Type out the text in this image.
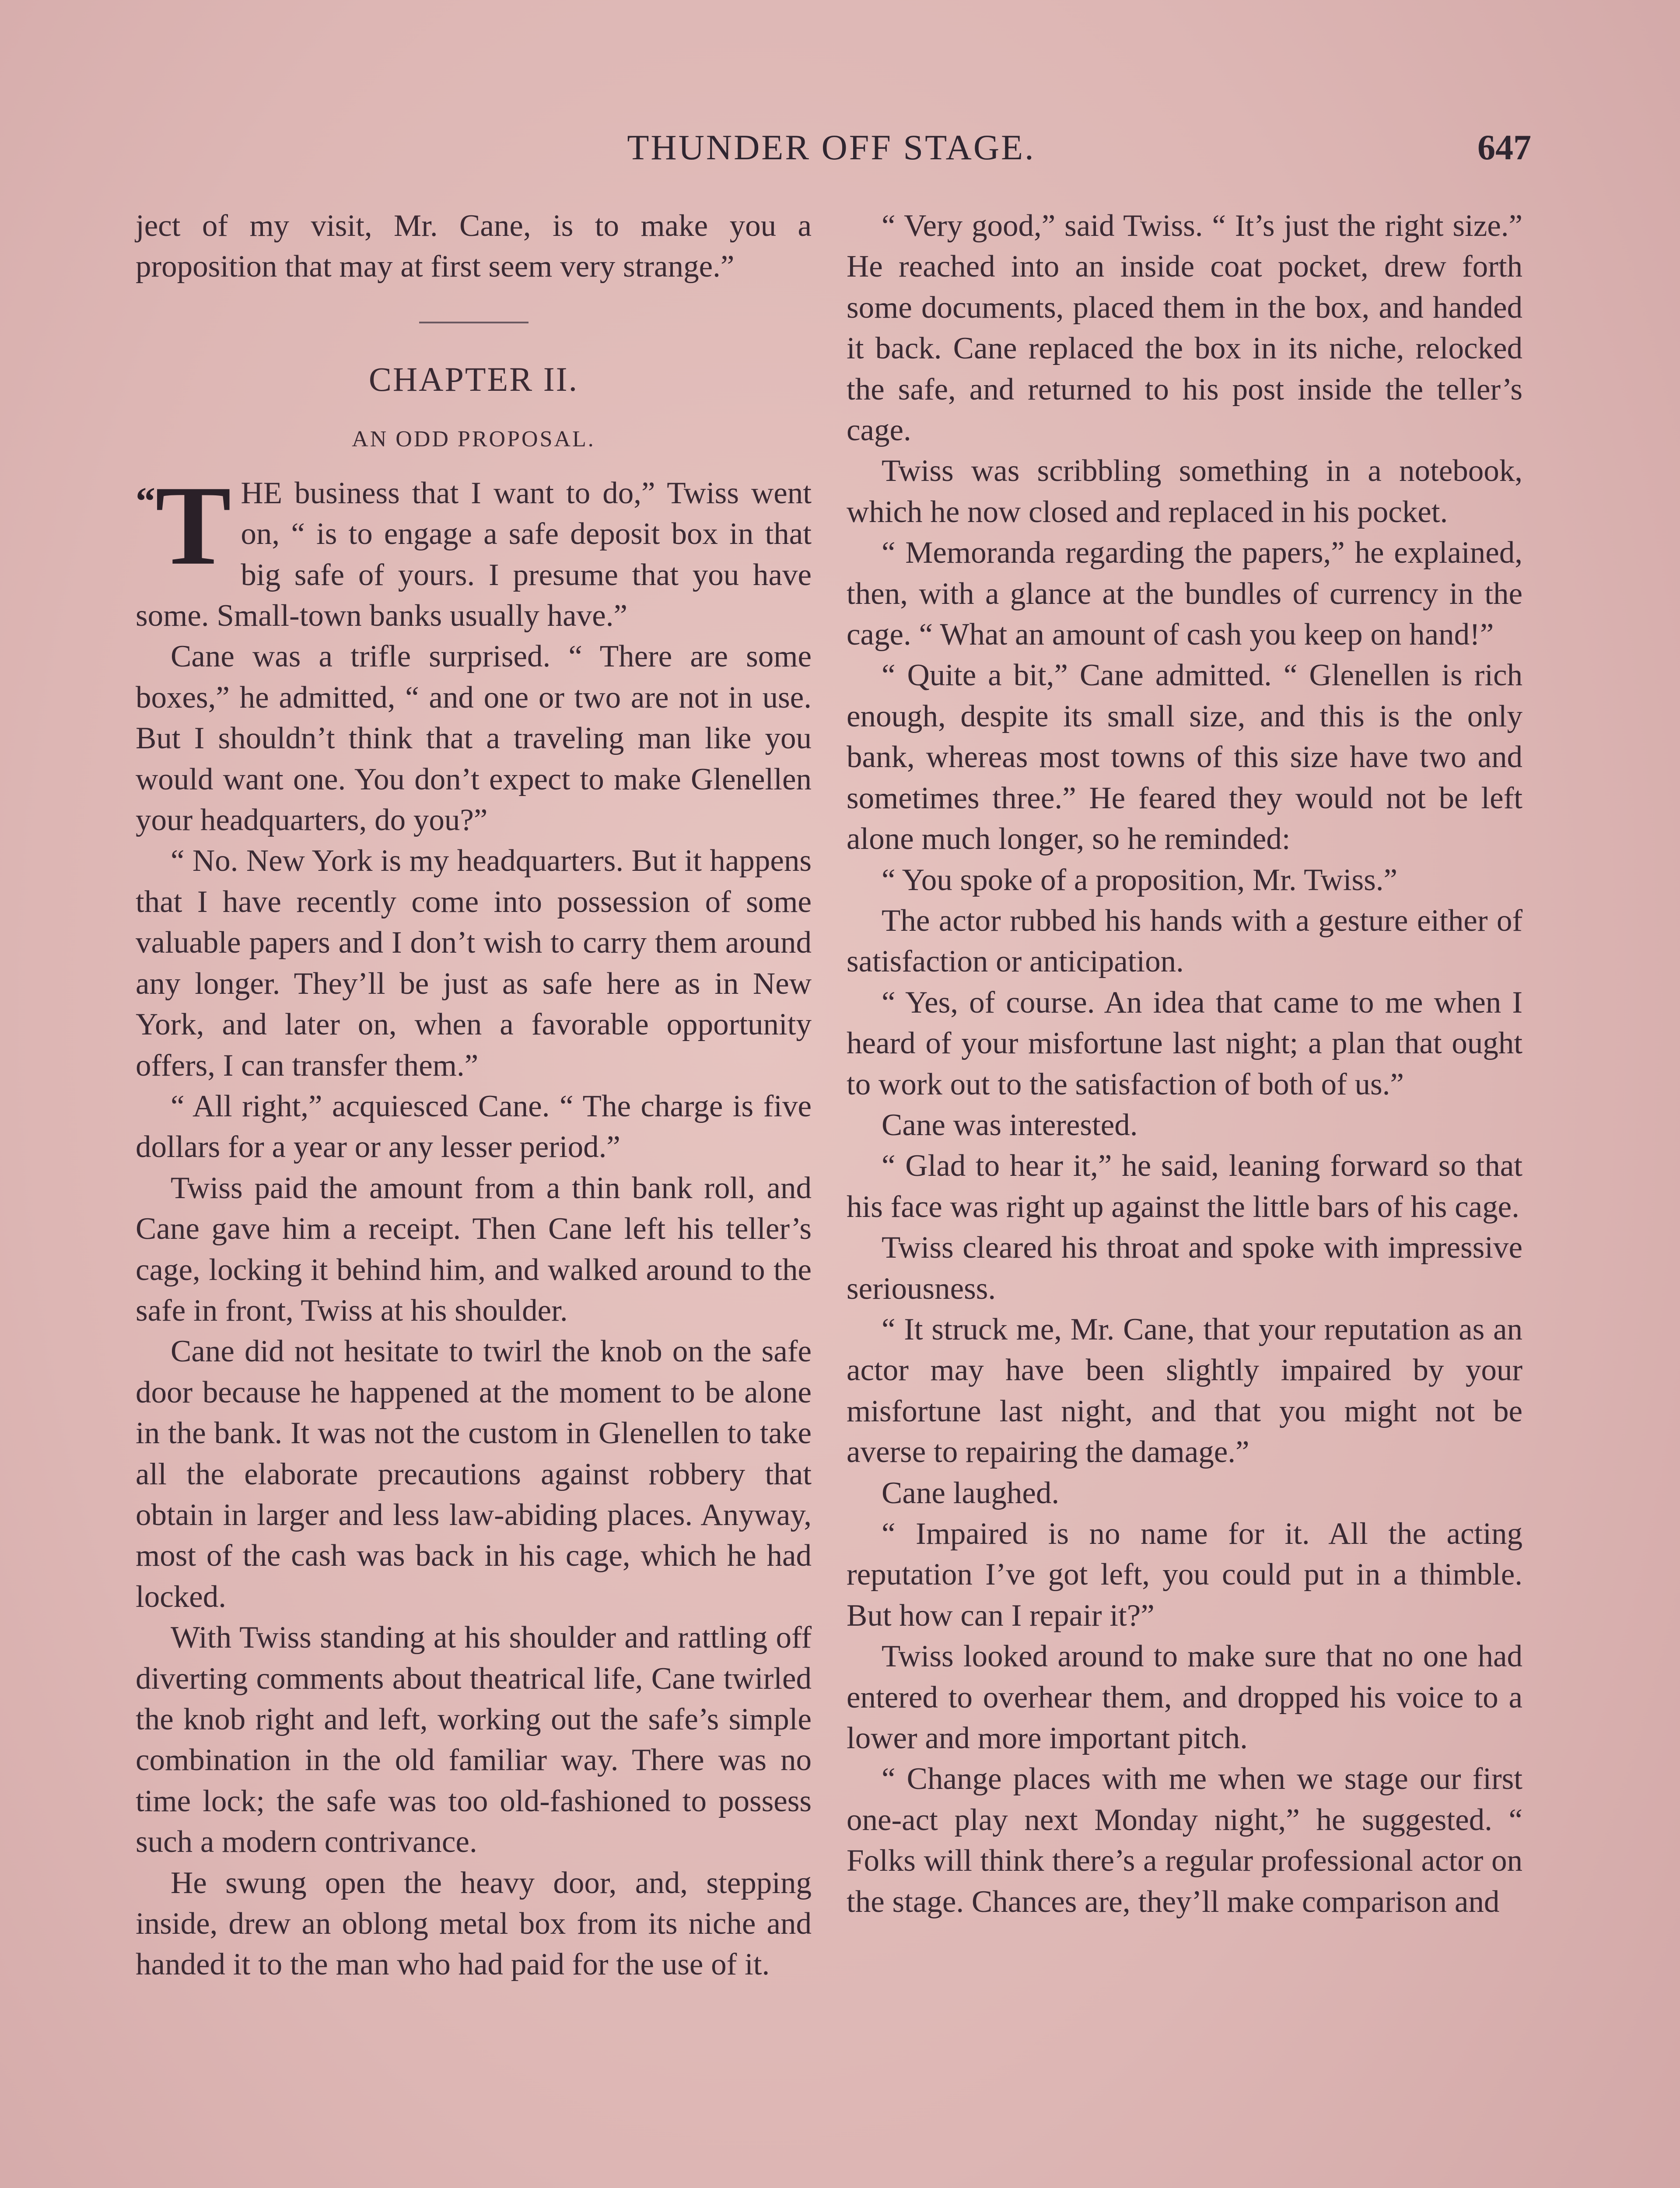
THUNDER OFF STAGE.	647

ject of my visit, Mr. Cane, is to make you a proposition that may at first seem very strange.”

CHAPTER II.
AN ODD PROPOSAL.

“T HE business that I want to do,” Twiss went on, “ is to engage a safe deposit box in that big safe of yours. I presume that you have some. Small-town banks usually have.”

Cane was a trifle surprised. “ There are some boxes,” he admitted, “ and one or two are not in use. But I shouldn’t think that a traveling man like you would want one. You don’t expect to make Glenellen your headquarters, do you?”

“ No. New York is my headquarters. But it happens that I have recently come into possession of some valuable papers and I don’t wish to carry them around any longer. They’ll be just as safe here as in New York, and later on, when a favorable opportunity offers, I can transfer them.”

“ All right,” acquiesced Cane. “ The charge is five dollars for a year or any lesser period.”

Twiss paid the amount from a thin bank roll, and Cane gave him a receipt. Then Cane left his teller’s cage, locking it behind him, and walked around to the safe in front, Twiss at his shoulder.

Cane did not hesitate to twirl the knob on the safe door because he happened at the moment to be alone in the bank. It was not the custom in Glenellen to take all the elaborate precautions against robbery that obtain in larger and less law-abiding places. Anyway, most of the cash was back in his cage, which he had locked.

With Twiss standing at his shoulder and rattling off diverting comments about theatrical life, Cane twirled the knob right and left, working out the safe’s simple combination in the old familiar way. There was no time lock; the safe was too old-fashioned to possess such a modern contrivance.

He swung open the heavy door, and, stepping inside, drew an oblong metal box from its niche and handed it to the man who had paid for the use of it.

“ Very good,” said Twiss. “ It’s just the right size.” He reached into an inside coat pocket, drew forth some documents, placed them in the box, and handed it back. Cane replaced the box in its niche, relocked the safe, and returned to his post inside the teller’s cage.

Twiss was scribbling something in a notebook, which he now closed and replaced in his pocket.

“ Memoranda regarding the papers,” he explained, then, with a glance at the bundles of currency in the cage. “ What an amount of cash you keep on hand!”

“ Quite a bit,” Cane admitted. “ Glenellen is rich enough, despite its small size, and this is the only bank, whereas most towns of this size have two and sometimes three.” He feared they would not be left alone much longer, so he reminded:

“ You spoke of a proposition, Mr. Twiss.”

The actor rubbed his hands with a gesture either of satisfaction or anticipation.

“ Yes, of course. An idea that came to me when I heard of your misfortune last night; a plan that ought to work out to the satisfaction of both of us.”

Cane was interested.

“ Glad to hear it,” he said, leaning forward so that his face was right up against the little bars of his cage.

Twiss cleared his throat and spoke with impressive seriousness.

“ It struck me, Mr. Cane, that your reputation as an actor may have been slightly impaired by your misfortune last night, and that you might not be averse to repairing the damage.”

Cane laughed.

“ Impaired is no name for it. All the acting reputation I’ve got left, you could put in a thimble. But how can I repair it?”

Twiss looked around to make sure that no one had entered to overhear them, and dropped his voice to a lower and more important pitch.

“ Change places with me when we stage our first one-act play next Monday night,” he suggested. “ Folks will think there’s a regular professional actor on the stage. Chances are, they’ll make comparison and
